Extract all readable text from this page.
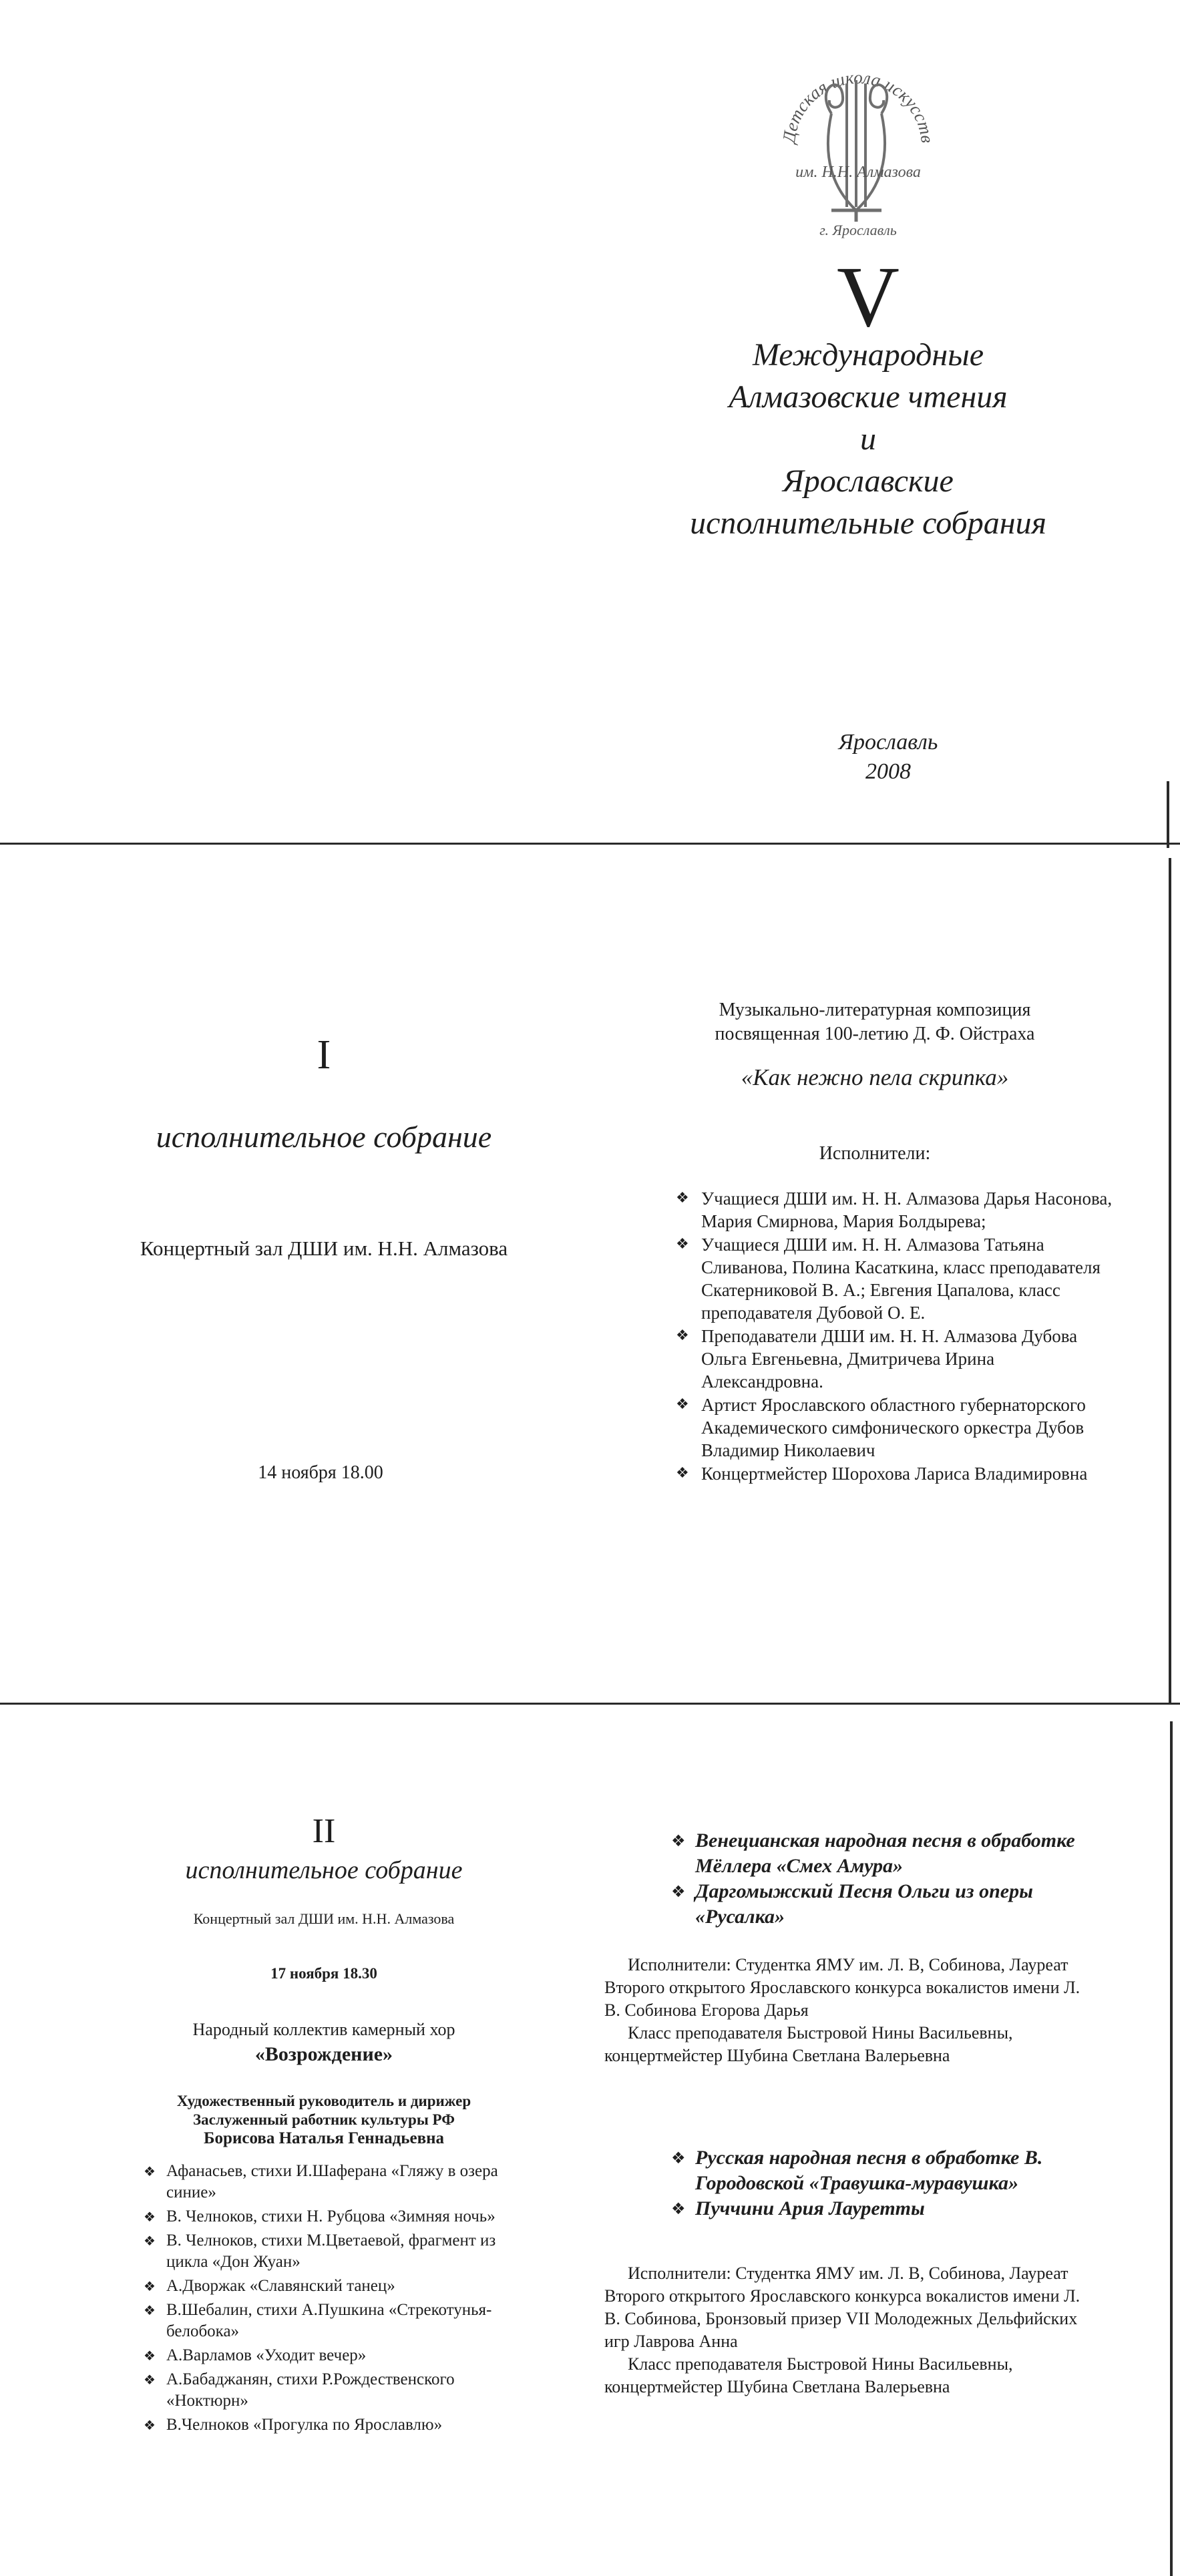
Детская школа искусств
им. Н.Н. Алмазова
г. Ярославль
V
Международные
Алмазовские чтения
и
Ярославские
исполнительные собрания
Ярославль
2008
I
исполнительное собрание
Концертный зал ДШИ им. Н.Н. Алмазова
14 ноября 18.00
Музыкально-литературная композиция
посвященная 100-летию Д. Ф. Ойстраха
«Как нежно пела скрипка»
Исполнители:
❖ Учащиеся ДШИ им. Н. Н. Алмазова Дарья Насонова, Мария Смирнова, Мария Болдырева;
❖ Учащиеся ДШИ им. Н. Н. Алмазова Татьяна Сливанова, Полина Касаткина, класс преподавателя Скатерниковой В. А.; Евгения Цапалова, класс преподавателя Дубовой О. Е.
❖ Преподаватели ДШИ им. Н. Н. Алмазова Дубова Ольга Евгеньевна, Дмитричева Ирина Александровна.
❖ Артист Ярославского областного губернаторского Академического симфонического оркестра Дубов Владимир Николаевич
❖ Концертмейстер Шорохова Лариса Владимировна
II
исполнительное собрание
Концертный зал ДШИ им. Н.Н. Алмазова
17 ноября 18.30
Народный коллектив камерный хор
«Возрождение»
Художественный руководитель и дирижер
Заслуженный работник культуры РФ
Борисова Наталья Геннадьевна
❖ Афанасьев, стихи И.Шаферана «Гляжу в озера синие»
❖ В. Челноков, стихи Н. Рубцова «Зимняя ночь»
❖ В. Челноков, стихи М.Цветаевой, фрагмент из цикла «Дон Жуан»
❖ А.Дворжак «Славянский танец»
❖ В.Шебалин, стихи А.Пушкина «Стрекотунья-белобока»
❖ А.Варламов «Уходит вечер»
❖ А.Бабаджанян, стихи Р.Рождественского «Ноктюрн»
❖ В.Челноков «Прогулка по Ярославлю»
❖ Венецианская народная песня в обработке Мёллера «Смех Амура»
❖ Даргомыжский Песня Ольги из оперы «Русалка»

Исполнители: Студентка ЯМУ им. Л. В, Собинова, Лауреат Второго открытого Ярославского конкурса вокалистов имени Л. В. Собинова Егорова Дарья

Класс преподавателя Быстровой Нины Васильевны, концертмейстер Шубина Светлана Валерьевна

❖ Русская народная песня в обработке В. Городовской «Травушка-муравушка»
❖ Пуччини Ария Лауретты

Исполнители: Студентка ЯМУ им. Л. В, Собинова, Лауреат Второго открытого Ярославского конкурса вокалистов имени Л. В. Собинова, Бронзовый призер VII Молодежных Дельфийских игр Лаврова Анна

Класс преподавателя Быстровой Нины Васильевны, концертмейстер Шубина Светлана Валерьевна
